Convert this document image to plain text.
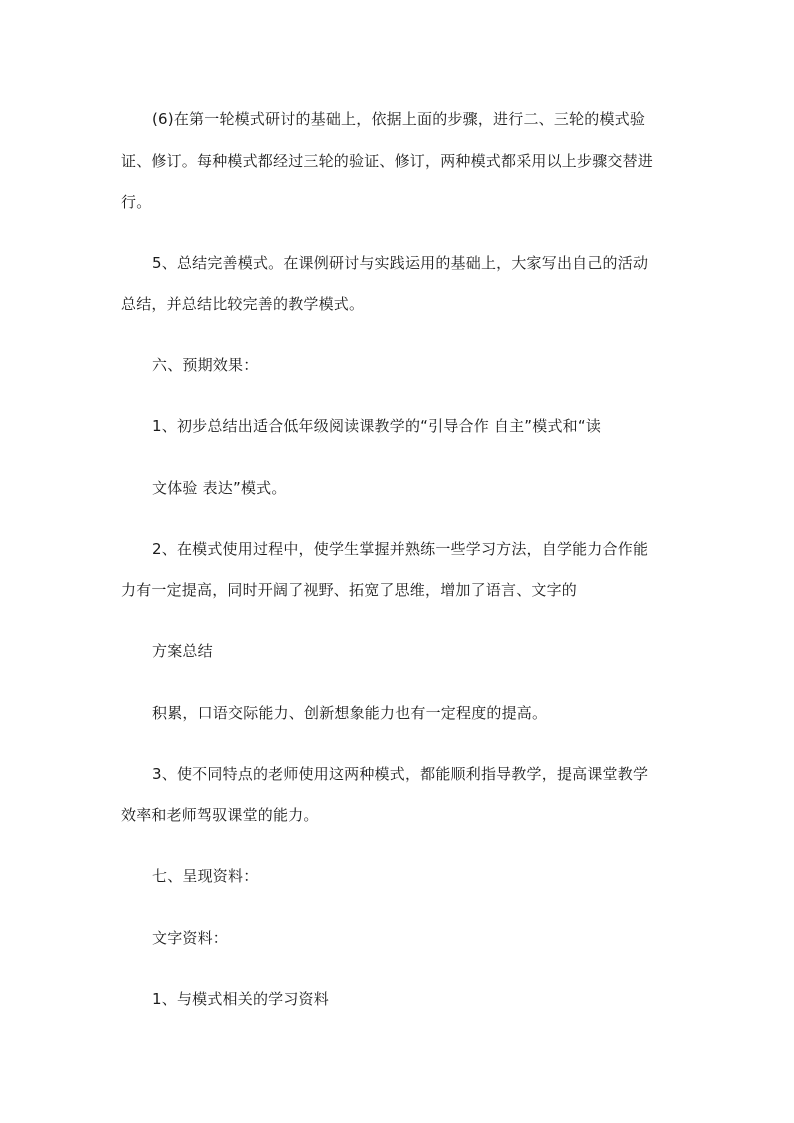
(6)在第一轮模式研讨的基础上，依据上面的步骤，进行二、三轮的模式验
证、修订。每种模式都经过三轮的验证、修订，两种模式都采用以上步骤交替进
行。
5、总结完善模式。在课例研讨与实践运用的基础上，大家写出自己的活动
总结，并总结比较完善的教学模式。
六、预期效果：
1、初步总结出适合低年级阅读课教学的“引导合作 自主”模式和“读
文体验 表达”模式。
2、在模式使用过程中，使学生掌握并熟练一些学习方法，自学能力合作能
力有一定提高，同时开阔了视野、拓宽了思维，增加了语言、文字的
方案总结
积累，口语交际能力、创新想象能力也有一定程度的提高。
3、使不同特点的老师使用这两种模式，都能顺利指导教学，提高课堂教学
效率和老师驾驭课堂的能力。
七、呈现资料：
文字资料：
1、与模式相关的学习资料
